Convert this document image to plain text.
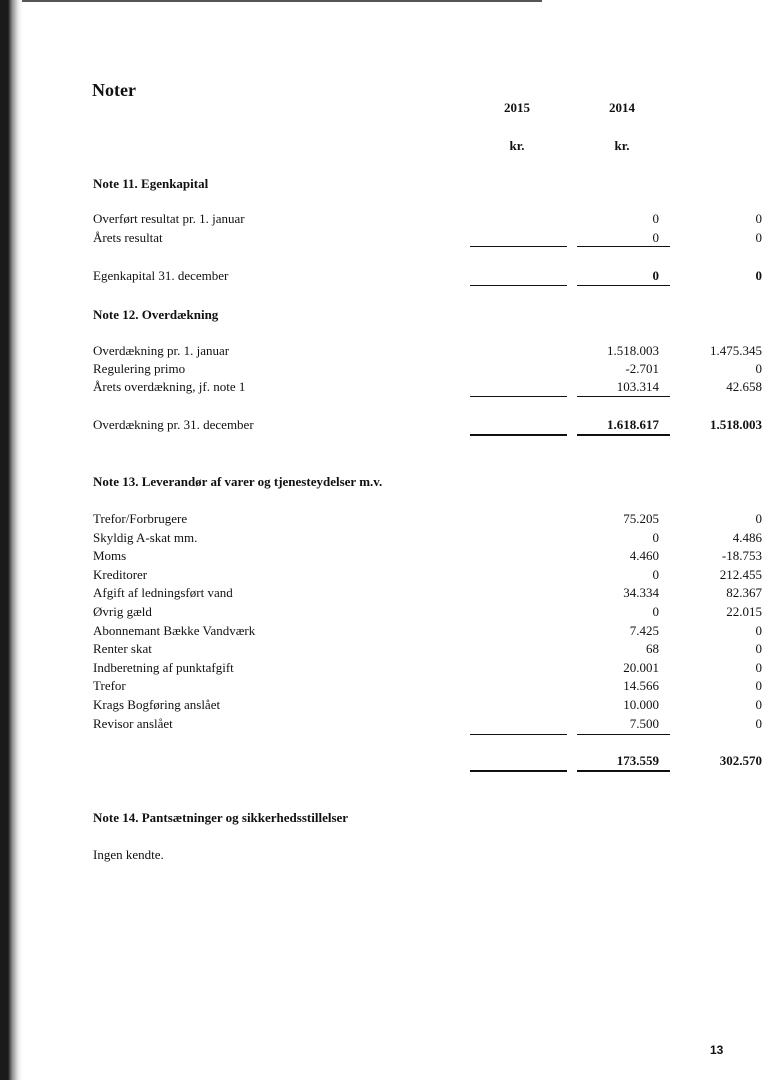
Noter
2015	2014
kr.	kr.
Note 11. Egenkapital
Overført resultat pr. 1. januar	0	0
Årets resultat	0	0
Egenkapital 31. december	0	0
Note 12. Overdækning
Overdækning pr. 1. januar	1.518.003	1.475.345
Regulering primo	-2.701	0
Årets overdækning, jf. note 1	103.314	42.658
Overdækning pr. 31. december	1.618.617	1.518.003
Note 13. Leverandør af varer og tjenesteydelser m.v.
Trefor/Forbrugere	75.205	0
Skyldig A-skat mm.	0	4.486
Moms	4.460	-18.753
Kreditorer	0	212.455
Afgift af ledningsført vand	34.334	82.367
Øvrig gæld	0	22.015
Abonnemant Bække Vandværk	7.425	0
Renter skat	68	0
Indberetning af punktafgift	20.001	0
Trefor	14.566	0
Krags Bogføring anslået	10.000	0
Revisor anslået	7.500	0
173.559	302.570
Note 14. Pantsætninger og sikkerhedsstillelser
Ingen kendte.
13
